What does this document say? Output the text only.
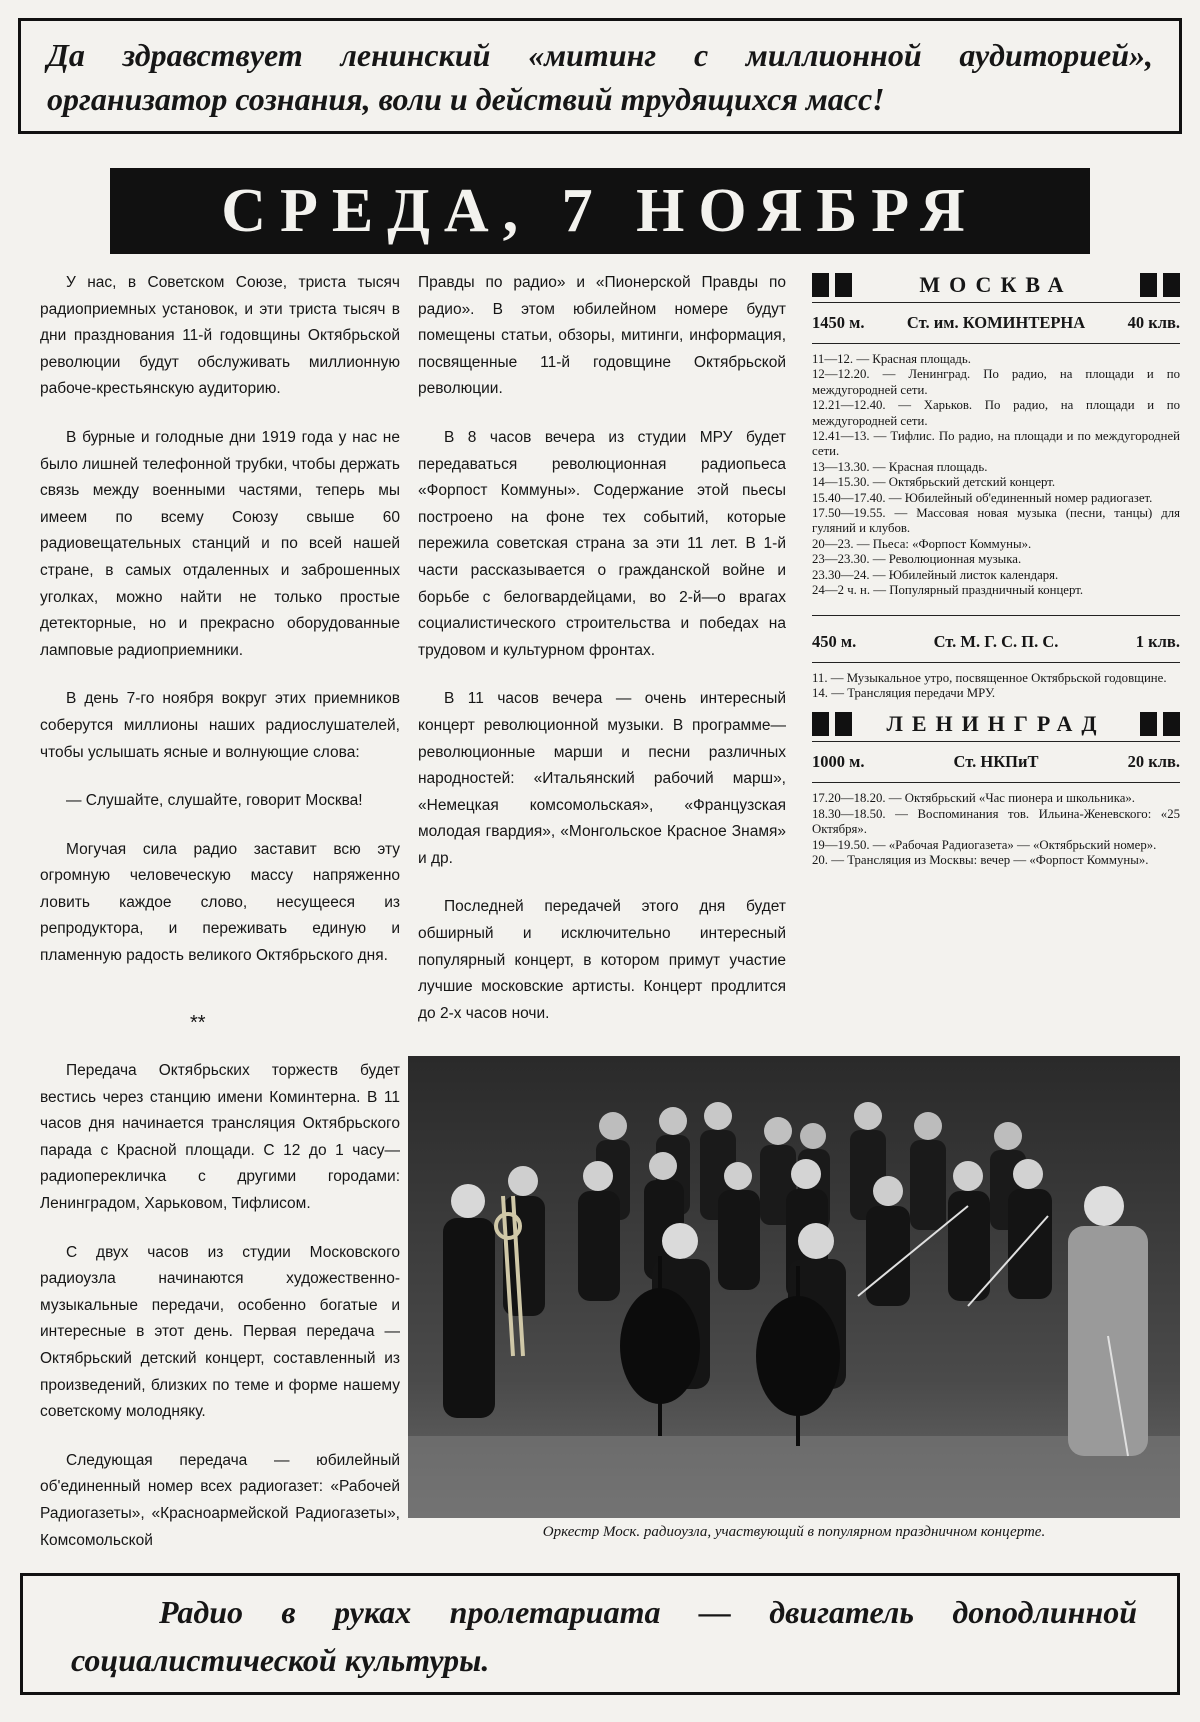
Да здравствует ленинский «митинг с миллионной аудиторией», организатор сознания, воли и действий трудящихся масс!

СРЕДА, 7 НОЯБРЯ

У нас, в Советском Союзе, триста тысяч радиоприемных установок, и эти триста тысяч в дни празднования 11-й годовщины Октябрьской революции будут обслуживать миллионную рабоче-крестьянскую аудиторию.

В бурные и голодные дни 1919 года у нас не было лишней телефонной трубки, чтобы держать связь между военными частями, теперь мы имеем по всему Союзу свыше 60 радиовещательных станций и по всей нашей стране, в самых отдаленных и заброшенных уголках, можно найти не только простые детекторные, но и прекрасно оборудованные ламповые радиоприемники.

В день 7-го ноября вокруг этих приемников соберутся миллионы наших радиослушателей, чтобы услышать ясные и волнующие слова:

— Слушайте, слушайте, говорит Москва!

Могучая сила радио заставит всю эту огромную человеческую массу напряженно ловить каждое слово, несущееся из репродуктора, и переживать единую и пламенную радость великого Октябрьского дня.

**

Передача Октябрьских торжеств будет вестись через станцию имени Коминтерна. В 11 часов дня начинается трансляция Октябрьского парада с Красной площади. С 12 до 1 часу—радиоперекличка с другими городами: Ленинградом, Харьковом, Тифлисом.

С двух часов из студии Московского радиоузла начинаются художественно-музыкальные передачи, особенно богатые и интересные в этот день. Первая передача — Октябрьский детский концерт, составленный из произведений, близких по теме и форме нашему советскому молодняку.

Следующая передача — юбилейный об'единенный номер всех радиогазет: «Рабочей Радиогазеты», «Красноармейской Радиогазеты», Комсомольской

Правды по радио» и «Пионерской Правды по радио». В этом юбилейном номере будут помещены статьи, обзоры, митинги, информация, посвященные 11-й годовщине Октябрьской революции.

В 8 часов вечера из студии МРУ будет передаваться революционная радиопьеса «Форпост Коммуны». Содержание этой пьесы построено на фоне тех событий, которые пережила советская страна за эти 11 лет. В 1-й части рассказывается о гражданской войне и борьбе с белогвардейцами, во 2-й—о врагах социалистического строительства и победах на трудовом и культурном фронтах.

В 11 часов вечера — очень интересный концерт революционной музыки. В программе—революционные марши и песни различных народностей: «Итальянский рабочий марш», «Немецкая комсомольская», «Французская молодая гвардия», «Монгольское Красное Знамя» и др.

Последней передачей этого дня будет обширный и исключительно интересный популярный концерт, в котором примут участие лучшие московские артисты. Концерт продлится до 2-х часов ночи.

МОСКВА
1450 м.	Ст. им. КОМИНТЕРНА	40 клв.
11—12. — Красная площадь.
12—12.20. — Ленинград. По радио, на площади и по междугородней сети.
12.21—12.40. — Харьков. По радио, на площади и по междугородней сети.
12.41—13. — Тифлис. По радио, на площади и по междугородней сети.
13—13.30. — Красная площадь.
14—15.30. — Октябрьский детский концерт.
15.40—17.40. — Юбилейный об'единенный номер радиогазет.
17.50—19.55. — Массовая новая музыка (песни, танцы) для гуляний и клубов.
20—23. — Пьеса: «Форпост Коммуны».
23—23.30. — Революционная музыка.
23.30—24. — Юбилейный листок календаря.
24—2 ч. н. — Популярный праздничный концерт.
450 м.	Ст. М. Г. С. П. С.	1 клв.
11. — Музыкальное утро, посвященное Октябрьской годовщине.
14. — Трансляция передачи МРУ.
ЛЕНИНГРАД
1000 м.	Ст. НКПиТ	20 клв.
17.20—18.20. — Октябрьский «Час пионера и школьника».
18.30—18.50. — Воспоминания тов. Ильина-Женевского: «25 Октября».
19—19.50. — «Рабочая Радиогазета» — «Октябрьский номер».
20. — Трансляция из Москвы: вечер — «Форпост Коммуны».
Оркестр Моск. радиоузла, участвующий в популярном праздничном концерте.

Радио в руках пролетариата — двигатель доподлинной социалистической культуры.
